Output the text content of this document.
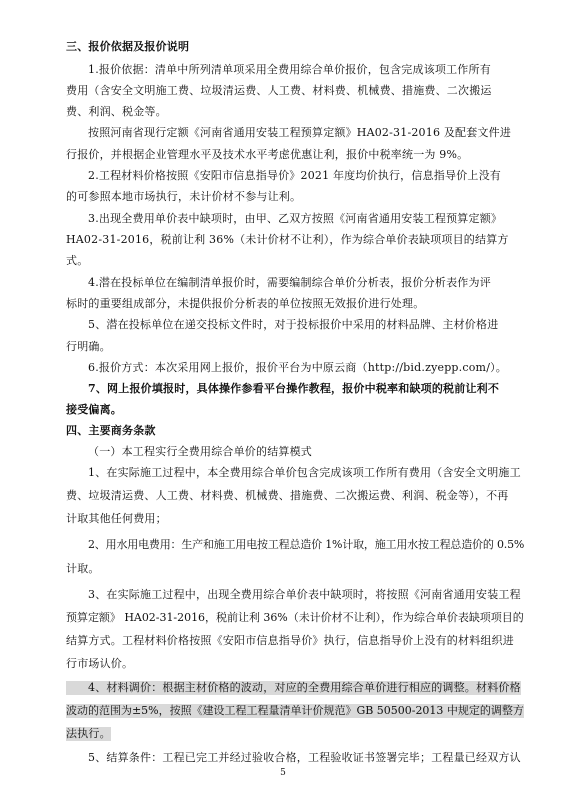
三、报价依据及报价说明
1.报价依据：清单中所列清单项采用全费用综合单价报价，包含完成该项工作所有
费用（含安全文明施工费、垃圾清运费、人工费、材料费、机械费、措施费、二次搬运
费、利润、税金等。
按照河南省现行定额《河南省通用安装工程预算定额》HA02-31-2016 及配套文件进
行报价，并根据企业管理水平及技术水平考虑优惠让利，报价中税率统一为 9%。
2.工程材料价格按照《安阳市信息指导价》2021 年度均价执行，信息指导价上没有
的可参照本地市场执行，未计价材不参与让利。
3.出现全费用单价表中缺项时，由甲、乙双方按照《河南省通用安装工程预算定额》
HA02-31-2016，税前让利 36%（未计价材不让利），作为综合单价表缺项项目的结算方
式。
4.潜在投标单位在编制清单报价时，需要编制综合单价分析表，报价分析表作为评
标时的重要组成部分，未提供报价分析表的单位按照无效报价进行处理。
5、潜在投标单位在递交投标文件时，对于投标报价中采用的材料品牌、主材价格进
行明确。
6.报价方式：本次采用网上报价，报价平台为中原云商（http://bid.zyepp.com/）。
7、网上报价填报时，具体操作参看平台操作教程，报价中税率和缺项的税前让利不
接受偏离。
四、主要商务条款
（一）本工程实行全费用综合单价的结算模式
1、在实际施工过程中，本全费用综合单价包含完成该项工作所有费用（含安全文明施工
费、垃圾清运费、人工费、材料费、机械费、措施费、二次搬运费、利润、税金等），不再
计取其他任何费用；
2、用水用电费用：生产和施工用电按工程总造价 1%计取，施工用水按工程总造价的 0.5%
计取。
3、在实际施工过程中，出现全费用综合单价表中缺项时，将按照《河南省通用安装工程
预算定额》 HA02-31-2016，税前让利 36%（未计价材不让利），作为综合单价表缺项项目的
结算方式。工程材料价格按照《安阳市信息指导价》执行，信息指导价上没有的材料组织进
行市场认价。
4、材料调价：根据主材价格的波动，对应的全费用综合单价进行相应的调整。材料价格
波动的范围为±5%，按照《建设工程工程量清单计价规范》GB 50500-2013 中规定的调整方
法执行。
5、结算条件：工程已完工并经过验收合格，工程验收证书签署完毕；工程量已经双方认
5
